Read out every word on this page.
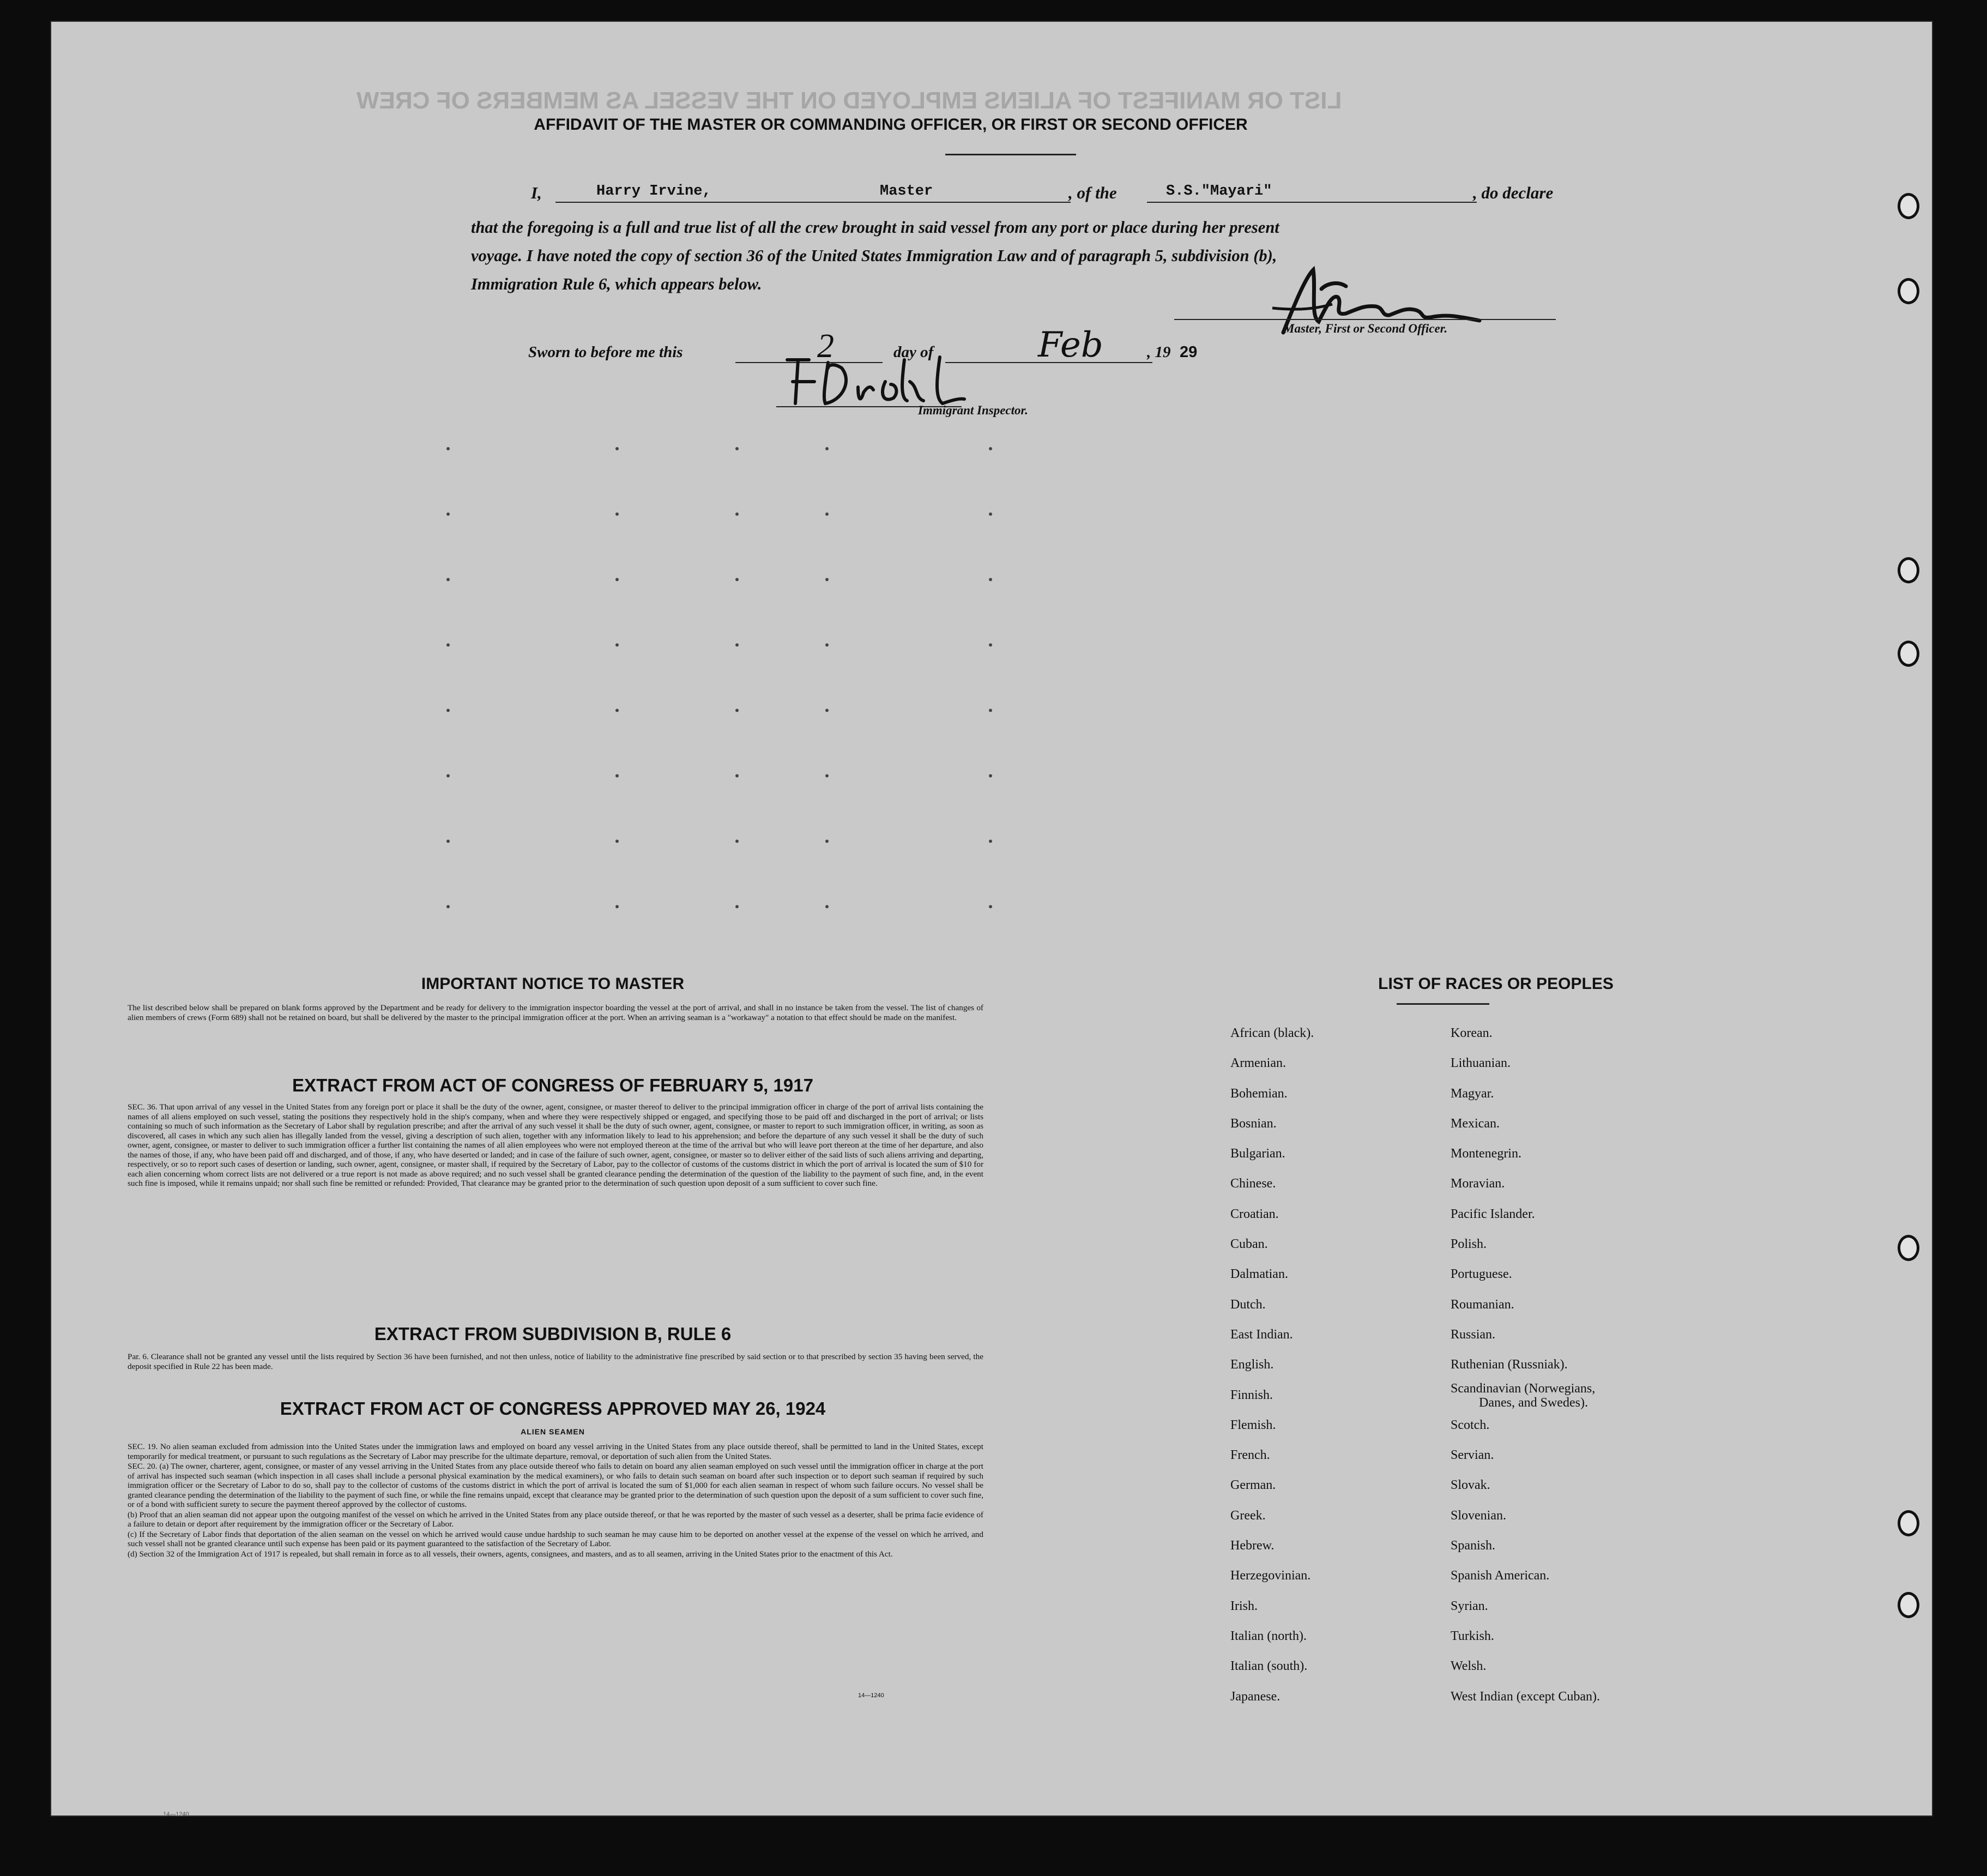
LIST OR MANIFEST OF ALIENS EMPLOYED ON THE VESSEL AS MEMBERS OF CREW
AFFIDAVIT OF THE MASTER OR COMMANDING OFFICER, OR FIRST OR SECOND OFFICER
I,	Harry Irvine,	Master	, of the	S.S."Mayari"	, do declare
that the foregoing is a full and true list of all the crew brought in said vessel from any port or place during her present
voyage. I have noted the copy of section 36 of the United States Immigration Law and of paragraph 5, subdivision (b),
Immigration Rule 6, which appears below.
Master, First or Second Officer.
Sworn to before me this	2	day of	Feb	, 19 29
Immigrant Inspector.
IMPORTANT NOTICE TO MASTER
The list described below shall be prepared on blank forms approved by the Department and be ready for delivery to the immigration inspector boarding the vessel at the port of arrival, and shall in no instance be taken from the vessel. The list of changes of alien members of crews (Form 689) shall not be retained on board, but shall be delivered by the master to the principal immigration officer at the port. When an arriving seaman is a "workaway" a notation to that effect should be made on the manifest.
EXTRACT FROM ACT OF CONGRESS OF FEBRUARY 5, 1917
SEC. 36. That upon arrival of any vessel in the United States from any foreign port or place it shall be the duty of the owner, agent, consignee, or master thereof to deliver to the principal immigration officer in charge of the port of arrival lists containing the names of all aliens employed on such vessel, stating the positions they respectively hold in the ship's company, when and where they were respectively shipped or engaged, and specifying those to be paid off and discharged in the port of arrival; or lists containing so much of such information as the Secretary of Labor shall by regulation prescribe; and after the arrival of any such vessel it shall be the duty of such owner, agent, consignee, or master to report to such immigration officer, in writing, as soon as discovered, all cases in which any such alien has illegally landed from the vessel, giving a description of such alien, together with any information likely to lead to his apprehension; and before the departure of any such vessel it shall be the duty of such owner, agent, consignee, or master to deliver to such immigration officer a further list containing the names of all alien employees who were not employed thereon at the time of the arrival but who will leave port thereon at the time of her departure, and also the names of those, if any, who have been paid off and discharged, and of those, if any, who have deserted or landed; and in case of the failure of such owner, agent, consignee, or master so to deliver either of the said lists of such aliens arriving and departing, respectively, or so to report such cases of desertion or landing, such owner, agent, consignee, or master shall, if required by the Secretary of Labor, pay to the collector of customs of the customs district in which the port of arrival is located the sum of $10 for each alien concerning whom correct lists are not delivered or a true report is not made as above required; and no such vessel shall be granted clearance pending the determination of the question of the liability to the payment of such fine, and, in the event such fine is imposed, while it remains unpaid; nor shall such fine be remitted or refunded: Provided, That clearance may be granted prior to the determination of such question upon deposit of a sum sufficient to cover such fine.
EXTRACT FROM SUBDIVISION B, RULE 6
Par. 6. Clearance shall not be granted any vessel until the lists required by Section 36 have been furnished, and not then unless, notice of liability to the administrative fine prescribed by said section or to that prescribed by section 35 having been served, the deposit specified in Rule 22 has been made.
EXTRACT FROM ACT OF CONGRESS APPROVED MAY 26, 1924
ALIEN SEAMEN

SEC. 19. No alien seaman excluded from admission into the United States under the immigration laws and employed on board any vessel arriving in the United States from any place outside thereof, shall be permitted to land in the United States, except temporarily for medical treatment, or pursuant to such regulations as the Secretary of Labor may prescribe for the ultimate departure, removal, or deportation of such alien from the United States.

SEC. 20. (a) The owner, charterer, agent, consignee, or master of any vessel arriving in the United States from any place outside thereof who fails to detain on board any alien seaman employed on such vessel until the immigration officer in charge at the port of arrival has inspected such seaman (which inspection in all cases shall include a personal physical examination by the medical examiners), or who fails to detain such seaman on board after such inspection or to deport such seaman if required by such immigration officer or the Secretary of Labor to do so, shall pay to the collector of customs of the customs district in which the port of arrival is located the sum of $1,000 for each alien seaman in respect of whom such failure occurs. No vessel shall be granted clearance pending the determination of the liability to the payment of such fine, or while the fine remains unpaid, except that clearance may be granted prior to the determination of such question upon the deposit of a sum sufficient to cover such fine, or of a bond with sufficient surety to secure the payment thereof approved by the collector of customs.

(b) Proof that an alien seaman did not appear upon the outgoing manifest of the vessel on which he arrived in the United States from any place outside thereof, or that he was reported by the master of such vessel as a deserter, shall be prima facie evidence of a failure to detain or deport after requirement by the immigration officer or the Secretary of Labor.

(c) If the Secretary of Labor finds that deportation of the alien seaman on the vessel on which he arrived would cause undue hardship to such seaman he may cause him to be deported on another vessel at the expense of the vessel on which he arrived, and such vessel shall not be granted clearance until such expense has been paid or its payment guaranteed to the satisfaction of the Secretary of Labor.

(d) Section 32 of the Immigration Act of 1917 is repealed, but shall remain in force as to all vessels, their owners, agents, consignees, and masters, and as to all seamen, arriving in the United States prior to the enactment of this Act.

14—1240
LIST OF RACES OR PEOPLES
African (black).
Armenian.
Bohemian.
Bosnian.
Bulgarian.
Chinese.
Croatian.
Cuban.
Dalmatian.
Dutch.
East Indian.
English.
Finnish.
Flemish.
French.
German.
Greek.
Hebrew.
Herzegovinian.
Irish.
Italian (north).
Italian (south).
Japanese.
Korean.
Lithuanian.
Magyar.
Mexican.
Montenegrin.
Moravian.
Pacific Islander.
Polish.
Portuguese.
Roumanian.
Russian.
Ruthenian (Russniak).
Scandinavian (Norwegians,
Danes, and Swedes).
Scotch.
Servian.
Slovak.
Slovenian.
Spanish.
Spanish American.
Syrian.
Turkish.
Welsh.
West Indian (except Cuban).
14—1240
